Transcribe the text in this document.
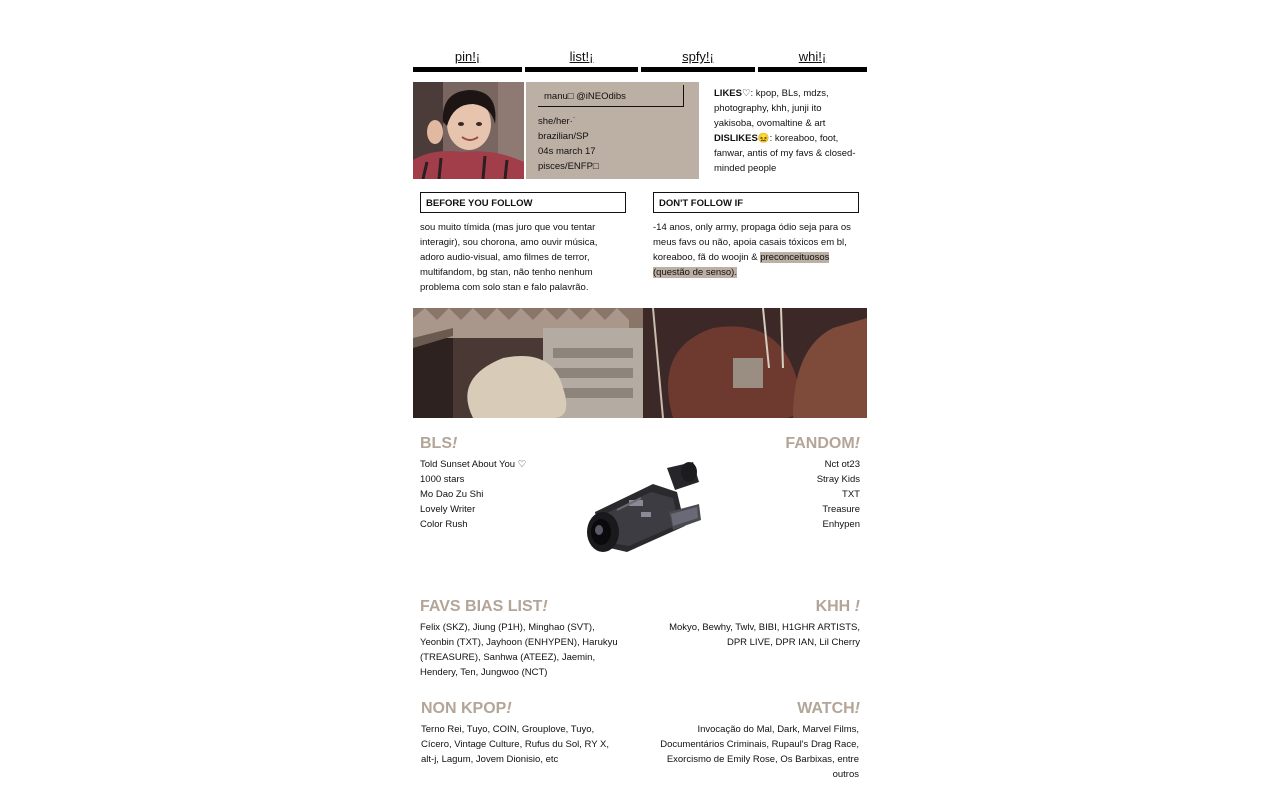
pin!¡	list!¡	spfy!¡	whi!¡
manu□ @iNEOdibs
she/her·˙
brazilian/SP
04s march 17
pisces/ENFP□
LIKES♡: kpop, BLs, mdzs, photography, khh, junji ito yakisoba, ovomaltine & art
DISLIKES😖: koreaboo, foot, fanwar, antis of my favs & closed-minded people
BEFORE YOU FOLLOW
sou muito tímida (mas juro que vou tentar interagir), sou chorona, amo ouvir música, adoro audio-visual, amo filmes de terror, multifandom, bg stan, não tenho nenhum problema com solo stan e falo palavrão.
DON'T FOLLOW IF
-14 anos, only army, propaga ódio seja para os meus favs ou não, apoia casais tóxicos em bl, koreaboo, fã do woojin & preconceituosos (questão de senso).
BLS!
Told Sunset About You ♡
1000 stars
Mo Dao Zu Shi
Lovely Writer
Color Rush
FANDOM!
Nct ot23
Stray Kids
TXT
Treasure
Enhypen
FAVS BIAS LIST!
Felix (SKZ), Jiung (P1H), Minghao (SVT), Yeonbin (TXT), Jayhoon (ENHYPEN), Harukyu (TREASURE), Sanhwa (ATEEZ), Jaemin, Hendery, Ten, Jungwoo (NCT)
KHH !
Mokyo, Bewhy, Twlv, BIBI, H1GHR ARTISTS, DPR LIVE, DPR IAN, Lil Cherry
NON KPOP!
Terno Rei, Tuyo, COIN, Grouplove, Tuyo, Cícero, Vintage Culture, Rufus du Sol, RY X, alt-j, Lagum, Jovem Dionisio, etc
WATCH!
Invocação do Mal, Dark, Marvel Films, Documentários Criminais, Rupaul's Drag Race, Exorcismo de Emily Rose, Os Barbixas, entre outros
